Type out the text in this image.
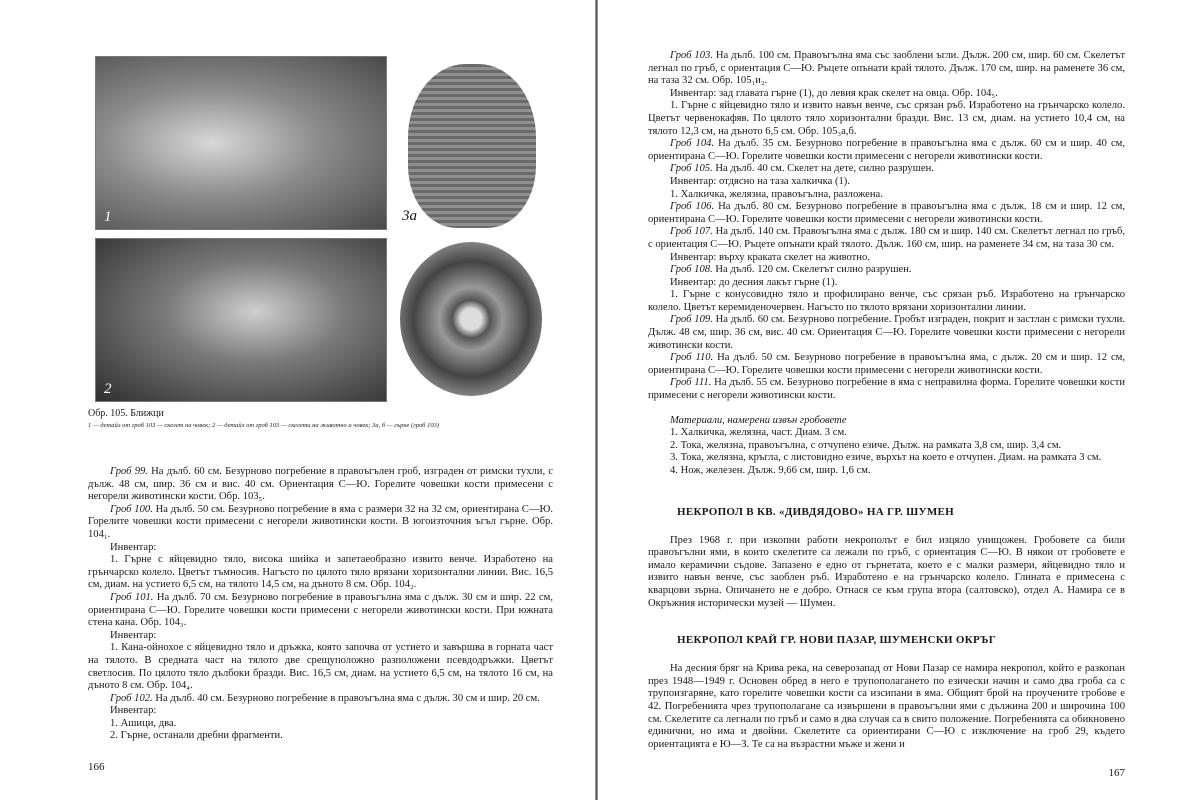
1	3а
2	3б
Обр. 105. Ближци
1 — детайл от гроб 103 — скелет на човек; 2 — детайл от гроб 103 — скелети на животно и човек; 3а, б — гърне (гроб 103)

Гроб 99. На дълб. 60 см. Безурново погребение в правоъгълен гроб, изграден от римски тухли, с дълж. 48 см, шир. 36 см и вис. 40 см. Ориентация С—Ю. Горелите човешки кости примесени с негорели животински кости. Обр. 103₅.

Гроб 100. На дълб. 50 см. Безурново погребение в яма с размери 32 на 32 см, ориентирана С—Ю. Горелите човешки кости примесени с негорели животински кости. В югоизточния ъгъл гърне. Обр. 104₁.

Инвентар:

1. Гърне с яйцевидно тяло, висока шийка и запетаеобразно извито венче. Изработено на грънчарско колело. Цветът тъмносив. Нагъсто по цялото тяло врязани хоризонтални линии. Вис. 16,5 см, диам. на устието 6,5 см, на тялото 14,5 см, на дъното 8 см. Обр. 104₂.

Гроб 101. На дълб. 70 см. Безурново погребение в правоъгълна яма с дълж. 30 см и шир. 22 см, ориентирана С—Ю. Горелите човешки кости примесени с негорели животински кости. При южната стена кана. Обр. 104₃.

Инвентар:

1. Кана-ойнохое с яйцевидно тяло и дръжка, която започва от устието и завършва в горната част на тялото. В средната част на тялото две срещуположно разположени псевдодръжки. Цветът светлосив. По цялото тяло дълбоки бразди. Вис. 16,5 см, диам. на устието 6,5 см, на тялото 16 см, на дъното 8 см. Обр. 104₄.

Гроб 102. На дълб. 40 см. Безурново погребение в правоъгълна яма с дълж. 30 см и шир. 20 см.

Инвентар:

1. Ашици, два.

2. Гърне, останали дребни фрагменти.

166

Гроб 103. На дълб. 100 см. Правоъгълна яма със заоблени ъгли. Дълж. 200 см, шир. 60 см. Скелетът легнал по гръб, с ориентация С—Ю. Ръцете опънати край тялото. Дълж. 170 см, шир. на раменете 36 см, на таза 32 см. Обр. 105₁и₂.

Инвентар: зад главата гърне (1), до левия крак скелет на овца. Обр. 104₅.

1. Гърне с яйцевидно тяло и извито навън венче, със срязан ръб. Изработено на грънчарско колело. Цветът червенокафяв. По цялото тяло хоризонтални бразди. Вис. 13 см, диам. на устието 10,4 см, на тялото 12,3 см, на дъното 6,5 см. Обр. 105₃а,б.

Гроб 104. На дълб. 35 см. Безурново погребение в правоъгълна яма с дълж. 60 см и шир. 40 см, ориентирана С—Ю. Горелите човешки кости примесени с негорели животински кости.

Гроб 105. На дълб. 40 см. Скелет на дете, силно разрушен.

Инвентар: отдясно на таза халкичка (1).

1. Халкичка, желязна, правоъгълна, разложена.

Гроб 106. На дълб. 80 см. Безурново погребение в правоъгълна яма с дълж. 18 см и шир. 12 см, ориентирана С—Ю. Горелите човешки кости примесени с негорели животински кости.

Гроб 107. На дълб. 140 см. Правоъгълна яма с дълж. 180 см и шир. 140 см. Скелетът легнал по гръб, с ориентация С—Ю. Ръцете опънати край тялото. Дълж. 160 см, шир. на раменете 34 см, на таза 30 см.

Инвентар: върху краката скелет на животно.

Гроб 108. На дълб. 120 см. Скелетът силно разрушен.

Инвентар: до десния лакът гърне (1).

1. Гърне с конусовидно тяло и профилирано венче, със срязан ръб. Изработено на грънчарско колело. Цветът керемиденочервен. Нагъсто по тялото врязани хоризонтални линии.

Гроб 109. На дълб. 60 см. Безурново погребение. Гробът изграден, покрит и застлан с римски тухли. Дълж. 48 см, шир. 36 см, вис. 40 см. Ориентация С—Ю. Горелите човешки кости примесени с негорели животински кости.

Гроб 110. На дълб. 50 см. Безурново погребение в правоъгълна яма, с дълж. 20 см и шир. 12 см, ориентирана С—Ю. Горелите човешки кости примесени с негорели животински кости.

Гроб 111. На дълб. 55 см. Безурново погребение в яма с неправилна форма. Горелите човешки кости примесени с негорели животински кости.

Материали, намерени извън гробовете

1. Халкичка, желязна, част. Диам. 3 см.

2. Тока, желязна, правоъгълна, с отчупено езиче. Дълж. на рамката 3,8 см, шир. 3,4 см.

3. Тока, желязна, кръгла, с листовидно езиче, върхът на което е отчупен. Диам. на рамката 3 см.

4. Нож, железен. Дълж. 9,66 см, шир. 1,6 см.

НЕКРОПОЛ В КВ. «ДИВДЯДОВО» НА ГР. ШУМЕН

През 1968 г. при изкопни работи некрополът е бил изцяло унищожен. Гробовете са били правоъгълни ями, в които скелетите са лежали по гръб, с ориентация С—Ю. В някои от гробовете е имало керамични съдове. Запазено е едно от гърнетата, което е с малки размери, яйцевидно тяло и извито навън венче, със заоблен ръб. Изработено е на грънчарско колело. Глината е примесена с кварцови зърна. Опичането не е добро. Отнася се към група втора (салтовско), отдел А. Намира се в Окръжния исторически музей — Шумен.

НЕКРОПОЛ КРАЙ ГР. НОВИ ПАЗАР, ШУМЕНСКИ ОКРЪГ

На десния бряг на Крива река, на северозапад от Нови Пазар се намира некропол, който е разкопан през 1948—1949 г. Основен обред в него е трупополагането по езически начин и само два гроба са с трупоизгаряне, като горелите човешки кости са изсипани в яма. Общият брой на проучените гробове е 42. Погребенията чрез трупополагане са извършени в правоъгълни ями с дължина 200 и широчина 100 см. Скелетите са легнали по гръб и само в два случая са в свито положение. Погребенията са обикновено единични, но има и двойни. Скелетите са ориентирани С—Ю с изключение на гроб 29, където ориентацията е Ю—З. Те са на възрастни мъже и жени и

167
